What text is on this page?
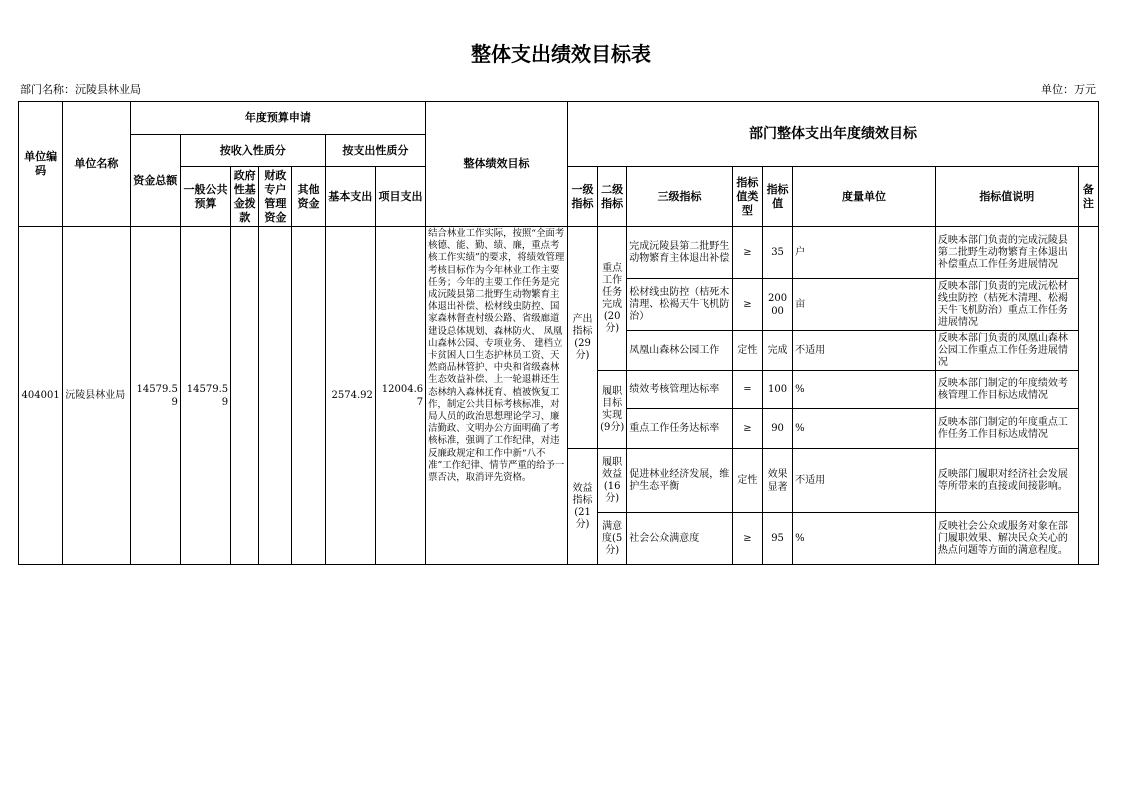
整体支出绩效目标表
部门名称：沅陵县林业局	单位：万元
单位编码	单位名称	年度预算申请							整体绩效目标	部门整体支出年度绩效目标							
		资金总额	按收入性质分				按支出性质分										
			一般公共预算	政府性基金拨款	财政专户管理资金	其他资金	基本支出	项目支出		一级指标	二级指标	三级指标	指标值类型	指标值	度量单位	指标值说明	备注

404001	沅陵县林业局	14579.59	14579.59				2574.92	12004.67	结合林业工作实际，按照“全面考核德、能、勤、绩、廉，重点考核工作实绩”的要求，将绩效管理考核目标作为今年林业工作主要任务；今年的主要工作任务是完成沅陵县第二批野生动物繁育主体退出补偿、松材线虫防控、国家森林督查村级公路、省级廊道建设总体规划、森林防火、 凤凰山森林公园、专项业务、 建档立卡贫困人口生态护林员工资、天然商品林管护、中央和省级森林生态效益补偿、上一轮退耕还生态林纳入森林抚育、植被恢复工作，制定公共目标考核标准，对局人员的政治思想理论学习、廉洁勤政、文明办公方面明确了考核标准，强调了工作纪律，对违反廉政规定和工作中新“八不准”工作纪律、情节严重的给予一票否决，取消评先资格。	产出指标(29分)	重点工作任务完成(20分)	完成沅陵县第二批野生动物繁育主体退出补偿	≥	35	户	反映本部门负责的完成沅陵县第二批野生动物繁育主体退出补偿重点工作任务进展情况	
												松材线虫防控（桔死木清理、松褐天牛飞机防治）	≥	20000	亩	反映本部门负责的完成沅松材线虫防控（桔死木清理、松褐天牛飞机防治）重点工作任务进展情况	
												凤凰山森林公园工作	定性	完成	不适用	反映本部门负责的凤凰山森林公园工作重点工作任务进展情况	
											履职目标实现(9分)	绩效考核管理达标率	=	100	%	反映本部门制定的年度绩效考核管理工作目标达成情况	
												重点工作任务达标率	≥	90	%	反映本部门制定的年度重点工作任务工作目标达成情况	
										效益指标(21分)	履职效益(16分)	促进林业经济发展，维护生态平衡	定性	效果显著	不适用	反映部门履职对经济社会发展等所带来的直接或间接影响。	
											满意度(5分)	社会公众满意度	≥	95	%	反映社会公众或服务对象在部门履职效果、解决民众关心的热点问题等方面的满意程度。	
